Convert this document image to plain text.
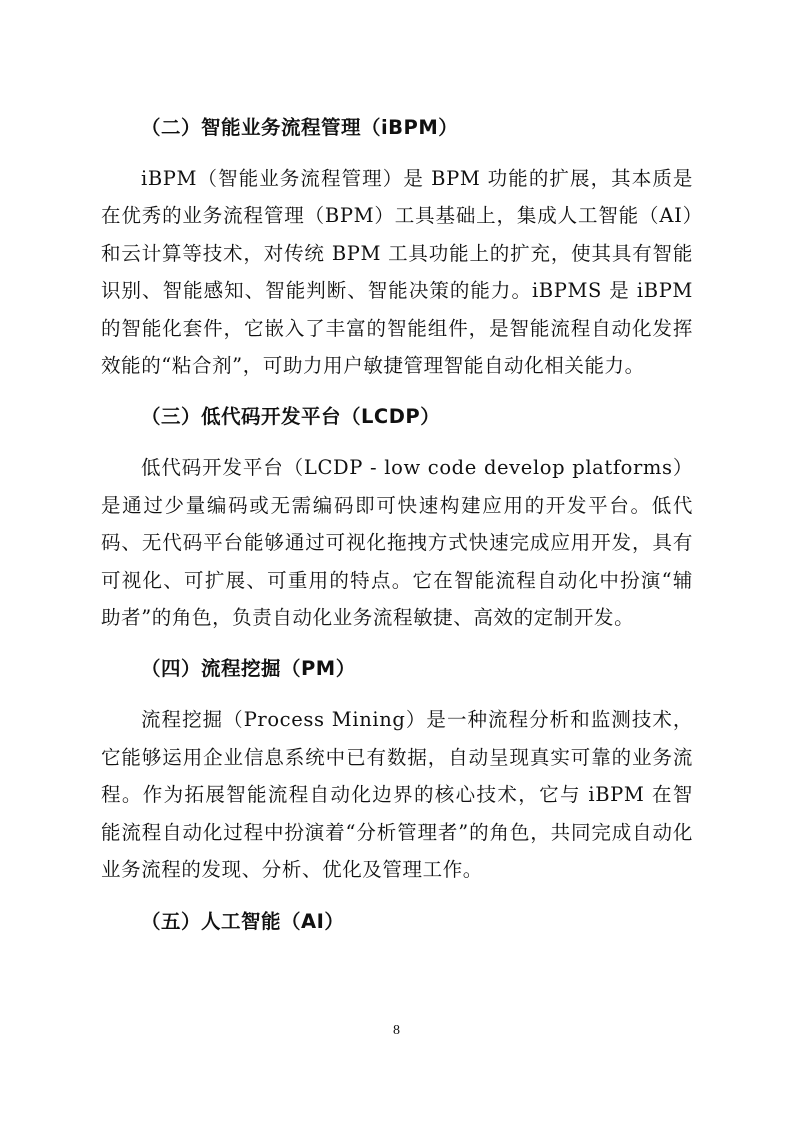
（二）智能业务流程管理（iBPM）

iBPM（智能业务流程管理）是 BPM 功能的扩展，其本质是在优秀的业务流程管理（BPM）工具基础上，集成人工智能（AI）和云计算等技术，对传统 BPM 工具功能上的扩充，使其具有智能识别、智能感知、智能判断、智能决策的能力。iBPMS 是 iBPM 的智能化套件，它嵌入了丰富的智能组件，是智能流程自动化发挥效能的“粘合剂”，可助力用户敏捷管理智能自动化相关能力。

（三）低代码开发平台（LCDP）

低代码开发平台（LCDP - low code develop platforms）是通过少量编码或无需编码即可快速构建应用的开发平台。低代码、无代码平台能够通过可视化拖拽方式快速完成应用开发，具有可视化、可扩展、可重用的特点。它在智能流程自动化中扮演“辅助者”的角色，负责自动化业务流程敏捷、高效的定制开发。

（四）流程挖掘（PM）

流程挖掘（Process Mining）是一种流程分析和监测技术，它能够运用企业信息系统中已有数据，自动呈现真实可靠的业务流程。作为拓展智能流程自动化边界的核心技术，它与 iBPM 在智能流程自动化过程中扮演着“分析管理者”的角色，共同完成自动化业务流程的发现、分析、优化及管理工作。

（五）人工智能（AI）
8
